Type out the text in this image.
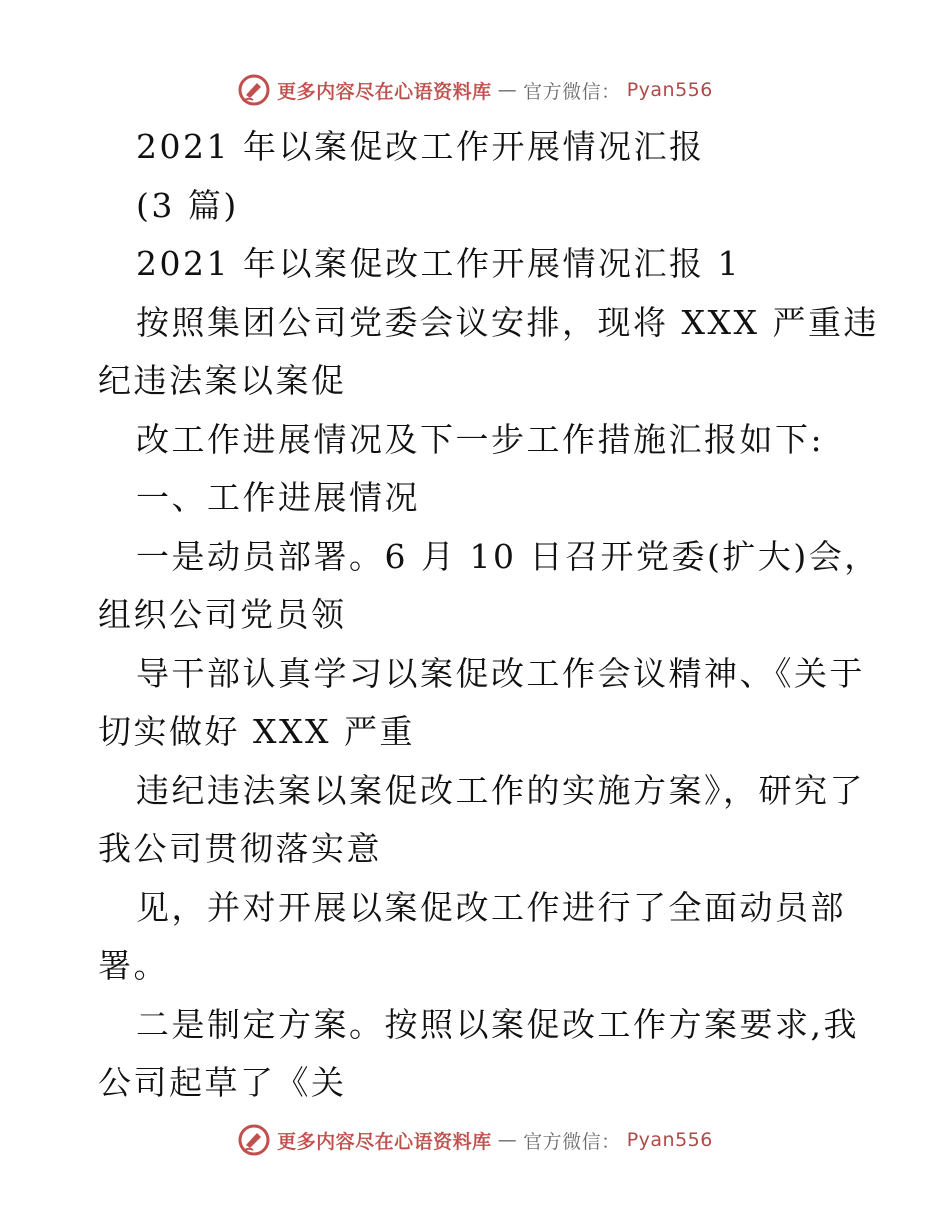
更多内容尽在心语资料库 — 官方微信： Pyan556
2021 年以案促改工作开展情况汇报
(3 篇)
2021 年以案促改工作开展情况汇报 1
按照集团公司党委会议安排，现将 XXX 严重违
纪违法案以案促
改工作进展情况及下一步工作措施汇报如下:
一、工作进展情况
一是动员部署。6 月 10 日召开党委(扩大)会，
组织公司党员领
导干部认真学习以案促改工作会议精神、《关于
切实做好 XXX 严重
违纪违法案以案促改工作的实施方案》，研究了
我公司贯彻落实意
见，并对开展以案促改工作进行了全面动员部
署。
二是制定方案。按照以案促改工作方案要求,我
公司起草了《关
更多内容尽在心语资料库 — 官方微信： Pyan556
